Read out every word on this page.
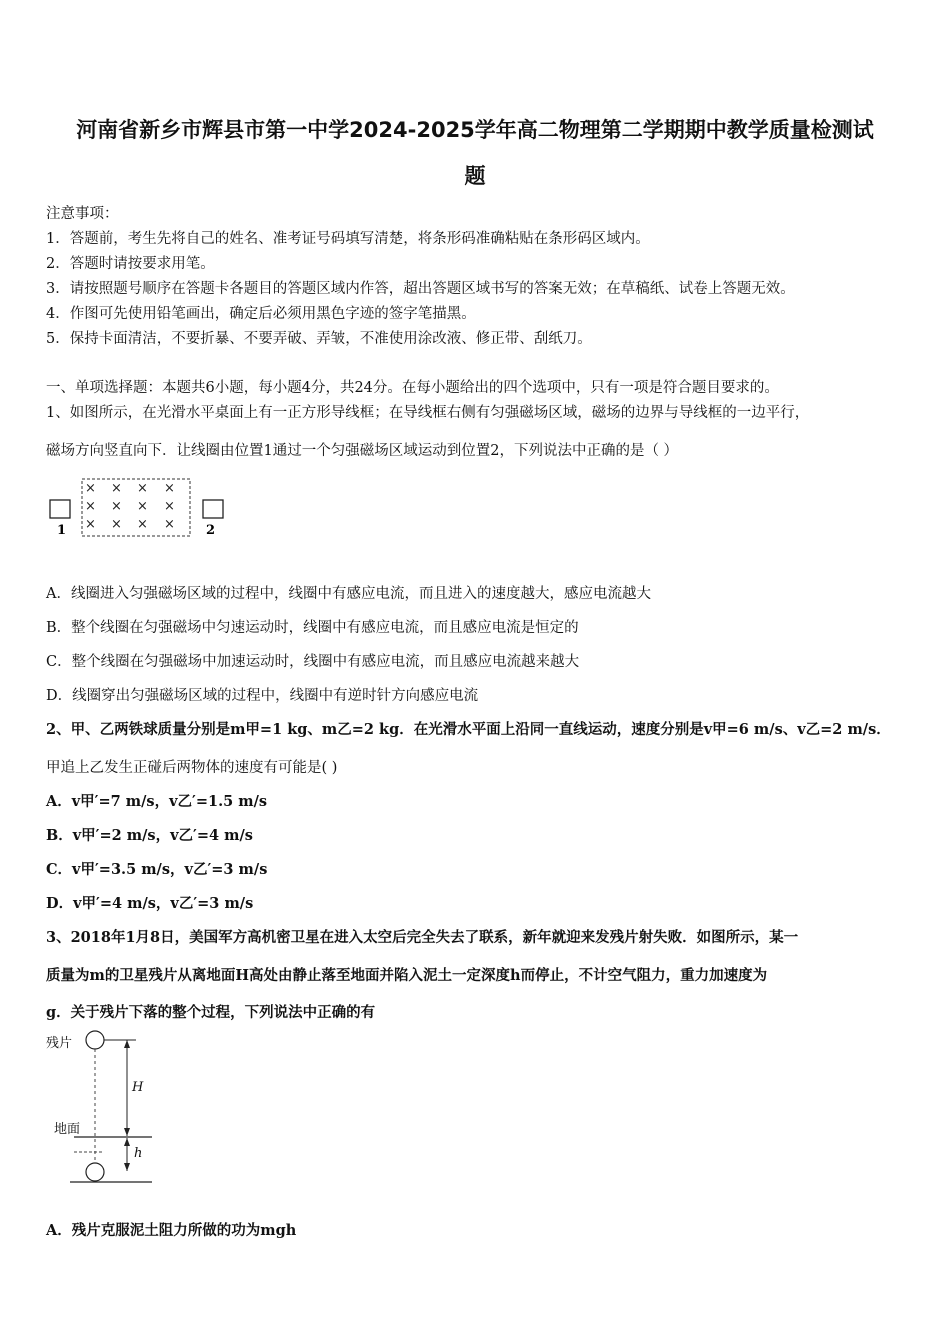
河南省新乡市辉县市第一中学2024-2025学年高二物理第二学期期中教学质量检测试
题
注意事项：
1．答题前，考生先将自己的姓名、准考证号码填写清楚，将条形码准确粘贴在条形码区域内。
2．答题时请按要求用笔。
3．请按照题号顺序在答题卡各题目的答题区域内作答，超出答题区域书写的答案无效；在草稿纸、试卷上答题无效。
4．作图可先使用铅笔画出，确定后必须用黑色字迹的签字笔描黑。
5．保持卡面清洁，不要折暴、不要弄破、弄皱，不准使用涂改液、修正带、刮纸刀。
一、单项选择题：本题共6小题，每小题4分，共24分。在每小题给出的四个选项中，只有一项是符合题目要求的。
1、如图所示，在光滑水平桌面上有一正方形导线框；在导线框右侧有匀强磁场区域，磁场的边界与导线框的一边平行，
磁场方向竖直向下．让线圈由位置1通过一个匀强磁场区域运动到位置2，下列说法中正确的是（ ）
× × × ×
× × × ×
× × × ×
1	2
A．线圈进入匀强磁场区域的过程中，线圈中有感应电流，而且进入的速度越大，感应电流越大
B．整个线圈在匀强磁场中匀速运动时，线圈中有感应电流，而且感应电流是恒定的
C．整个线圈在匀强磁场中加速运动时，线圈中有感应电流，而且感应电流越来越大
D．线圈穿出匀强磁场区域的过程中，线圈中有逆时针方向感应电流
2、甲、乙两铁球质量分别是m甲=1 kg、m乙=2 kg．在光滑水平面上沿同一直线运动，速度分别是v甲=6 m/s、v乙=2 m/s．
甲追上乙发生正碰后两物体的速度有可能是( )
A．v甲′=7 m/s，v乙′=1.5 m/s
B．v甲′=2 m/s，v乙′=4 m/s
C．v甲′=3.5 m/s，v乙′=3 m/s
D．v甲′=4 m/s，v乙′=3 m/s
3、2018年1月8日，美国军方高机密卫星在进入太空后完全失去了联系，新年就迎来发残片射失败．如图所示，某一
质量为m的卫星残片从离地面H高处由静止落至地面并陷入泥土一定深度h而停止，不计空气阻力，重力加速度为
g．关于残片下落的整个过程，下列说法中正确的有
残片
地面
H
h
A．残片克服泥土阻力所做的功为mgh
